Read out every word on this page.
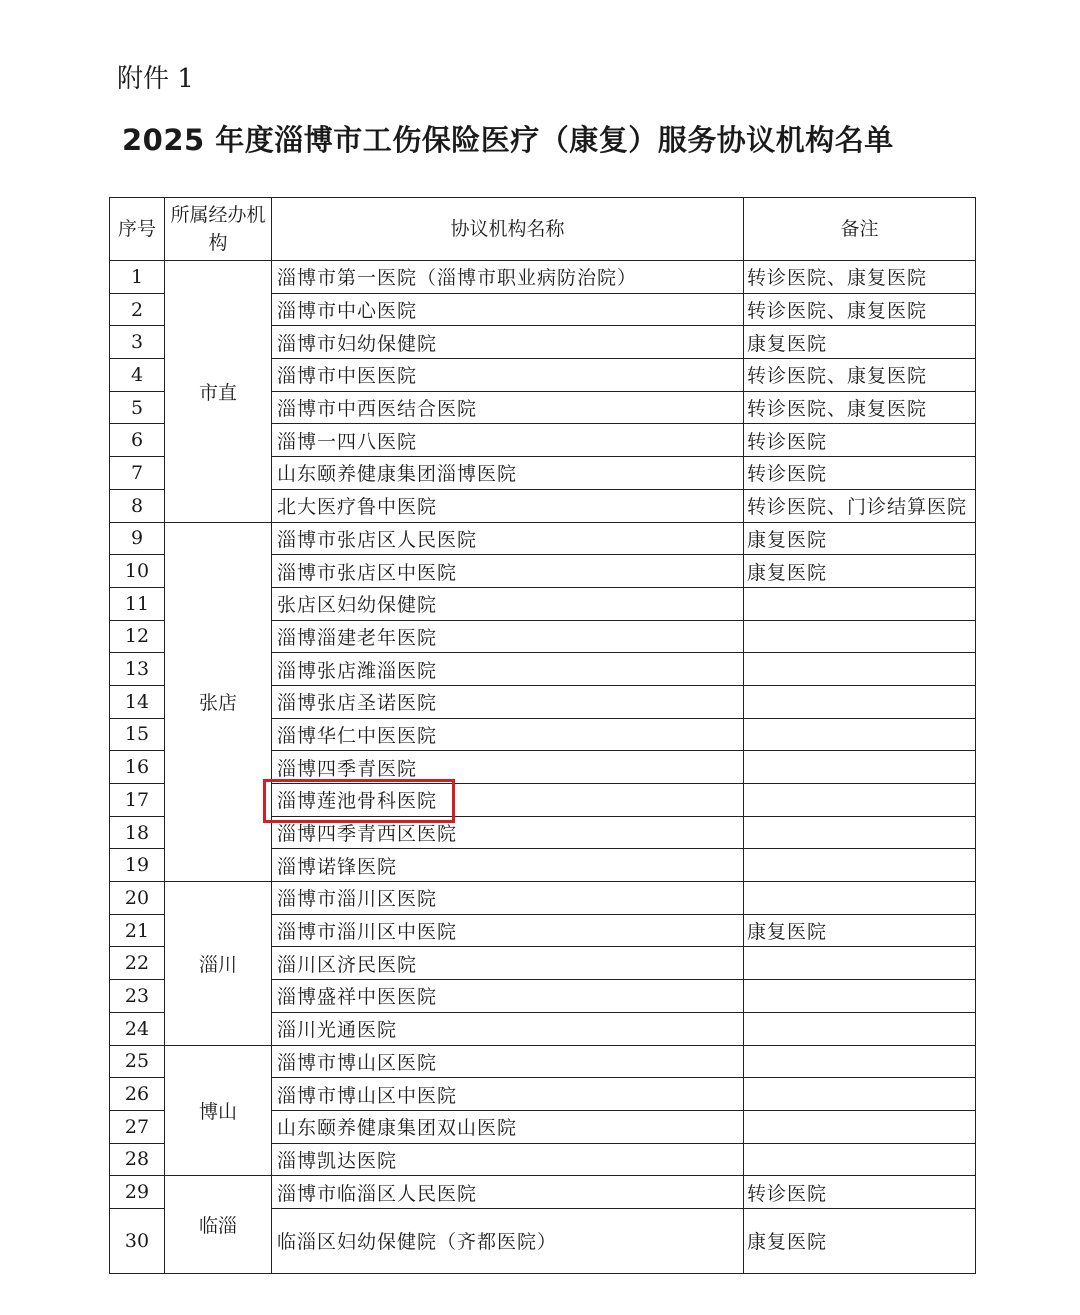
附件 1
2025 年度淄博市工伤保险医疗（康复）服务协议机构名单
序号	所属经办机构	协议机构名称	备注
1	市直	淄博市第一医院（淄博市职业病防治院）	转诊医院、康复医院
2		淄博市中心医院	转诊医院、康复医院
3		淄博市妇幼保健院	康复医院
4		淄博市中医医院	转诊医院、康复医院
5		淄博市中西医结合医院	转诊医院、康复医院
6		淄博一四八医院	转诊医院
7		山东颐养健康集团淄博医院	转诊医院
8		北大医疗鲁中医院	转诊医院、门诊结算医院
9	张店	淄博市张店区人民医院	康复医院
10		淄博市张店区中医院	康复医院
11		张店区妇幼保健院	
12		淄博淄建老年医院	
13		淄博张店潍淄医院	
14		淄博张店圣诺医院	
15		淄博华仁中医医院	
16		淄博四季青医院	
17		淄博莲池骨科医院	
18		淄博四季青西区医院	
19		淄博诺锋医院	
20	淄川	淄博市淄川区医院	
21		淄博市淄川区中医院	康复医院
22		淄川区济民医院	
23		淄博盛祥中医医院	
24		淄川光通医院	
25	博山	淄博市博山区医院	
26		淄博市博山区中医院	
27		山东颐养健康集团双山医院	
28		淄博凯达医院	
29	临淄	淄博市临淄区人民医院	转诊医院
30		临淄区妇幼保健院（齐都医院）	康复医院
